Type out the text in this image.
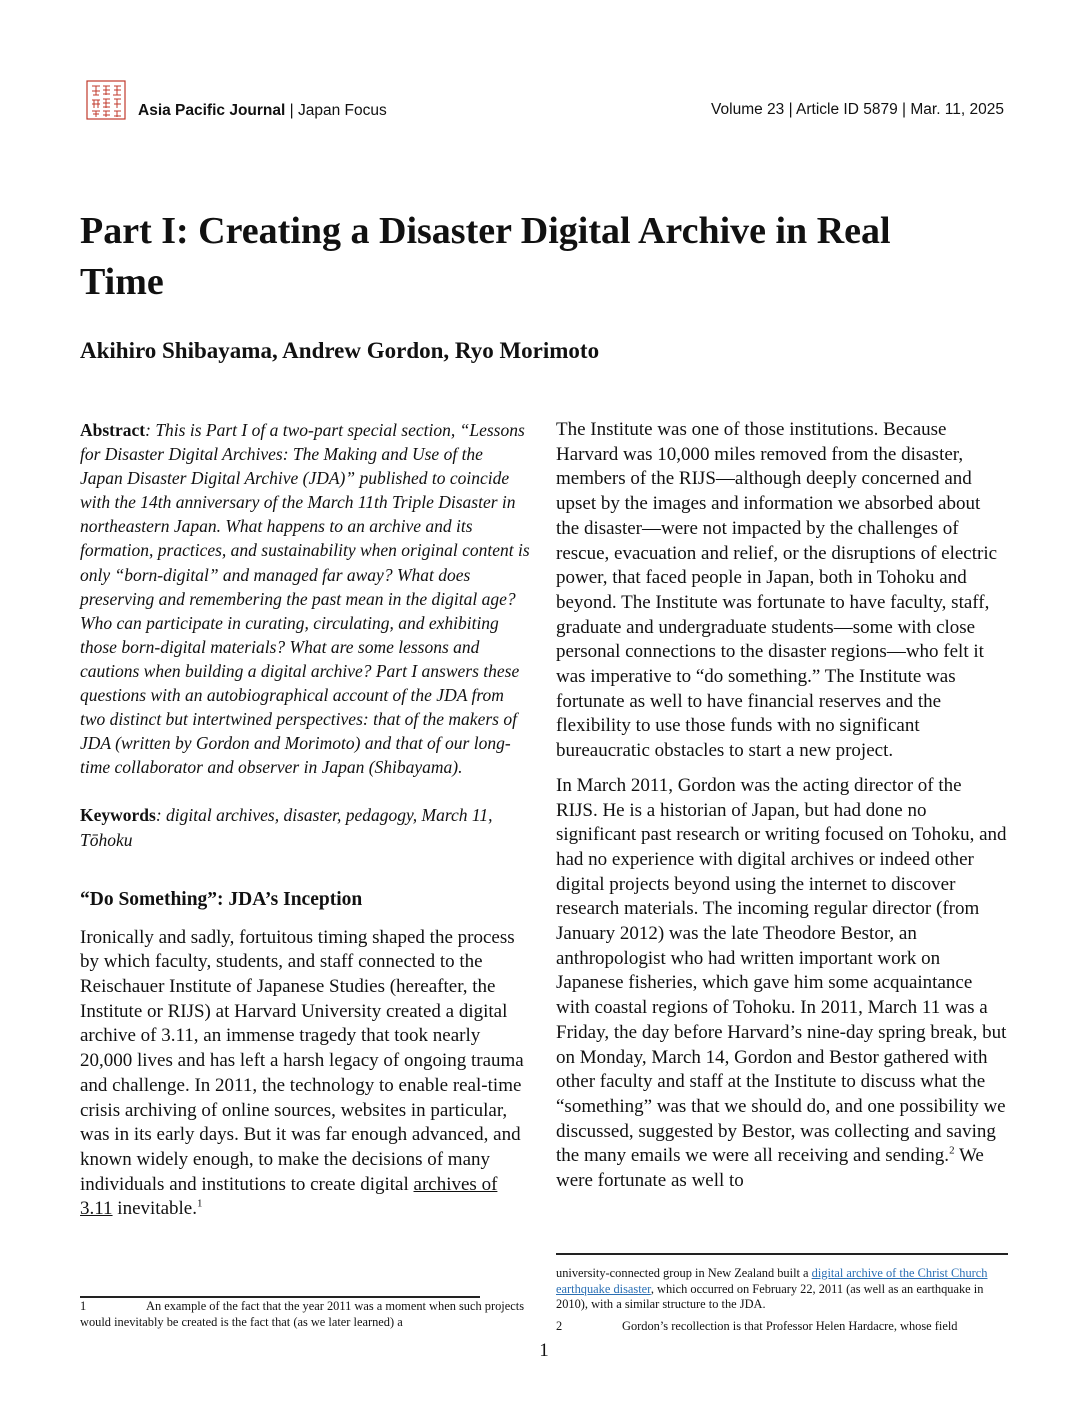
Asia Pacific Journal | Japan Focus	Volume 23 | Article ID 5879 | Mar. 11, 2025
Part I: Creating a Disaster Digital Archive in Real Time
Akihiro Shibayama, Andrew Gordon, Ryo Morimoto

Abstract: This is Part I of a two-part special section, “Lessons for Disaster Digital Archives: The Making and Use of the Japan Disaster Digital Archive (JDA)” published to coincide with the 14th anniversary of the March 11th Triple Disaster in northeastern Japan. What happens to an archive and its formation, practices, and sustainability when original content is only “born-digital” and managed far away? What does preserving and remembering the past mean in the digital age? Who can participate in curating, circulating, and exhibiting those born-digital materials? What are some lessons and cautions when building a digital archive? Part I answers these questions with an autobiographical account of the JDA from two distinct but intertwined perspectives: that of the makers of JDA (written by Gordon and Morimoto) and that of our long-time collaborator and observer in Japan (Shibayama).

Keywords: digital archives, disaster, pedagogy, March 11, Tōhoku

“Do Something”: JDA’s Inception

Ironically and sadly, fortuitous timing shaped the process by which faculty, students, and staff connected to the Reischauer Institute of Japanese Studies (hereafter, the Institute or RIJS) at Harvard University created a digital archive of 3.11, an immense tragedy that took nearly 20,000 lives and has left a harsh legacy of ongoing trauma and challenge. In 2011, the technology to enable real-time crisis archiving of online sources, websites in particular, was in its early days. But it was far enough advanced, and known widely enough, to make the decisions of many individuals and institutions to create digital archives of 3.11 inevitable.$^1$

The Institute was one of those institutions. Because Harvard was 10,000 miles removed from the disaster, members of the RIJS—although deeply concerned and upset by the images and information we absorbed about the disaster—were not impacted by the challenges of rescue, evacuation and relief, or the disruptions of electric power, that faced people in Japan, both in Tohoku and beyond. The Institute was fortunate to have faculty, staff, graduate and undergraduate students—some with close personal connections to the disaster regions—who felt it was imperative to “do something.” The Institute was fortunate as well to have financial reserves and the flexibility to use those funds with no significant bureaucratic obstacles to start a new project.

In March 2011, Gordon was the acting director of the RIJS. He is a historian of Japan, but had done no significant past research or writing focused on Tohoku, and had no experience with digital archives or indeed other digital projects beyond using the internet to discover research materials. The incoming regular director (from January 2012) was the late Theodore Bestor, an anthropologist who had written important work on Japanese fisheries, which gave him some acquaintance with coastal regions of Tohoku. In 2011, March 11 was a Friday, the day before Harvard’s nine-day spring break, but on Monday, March 14, Gordon and Bestor gathered with other faculty and staff at the Institute to discuss what the “something” was that we should do, and one possibility we discussed, suggested by Bestor, was collecting and saving the many emails we were all receiving and sending.$^2$ We were fortunate as well to

1	An example of the fact that the year 2011 was a moment when such projects would inevitably be created is the fact that (as we later learned) a

university-connected group in New Zealand built a digital archive of the Christ Church earthquake disaster, which occurred on February 22, 2011 (as well as an earthquake in 2010), with a similar structure to the JDA.

2	Gordon’s recollection is that Professor Helen Hardacre, whose field

1
